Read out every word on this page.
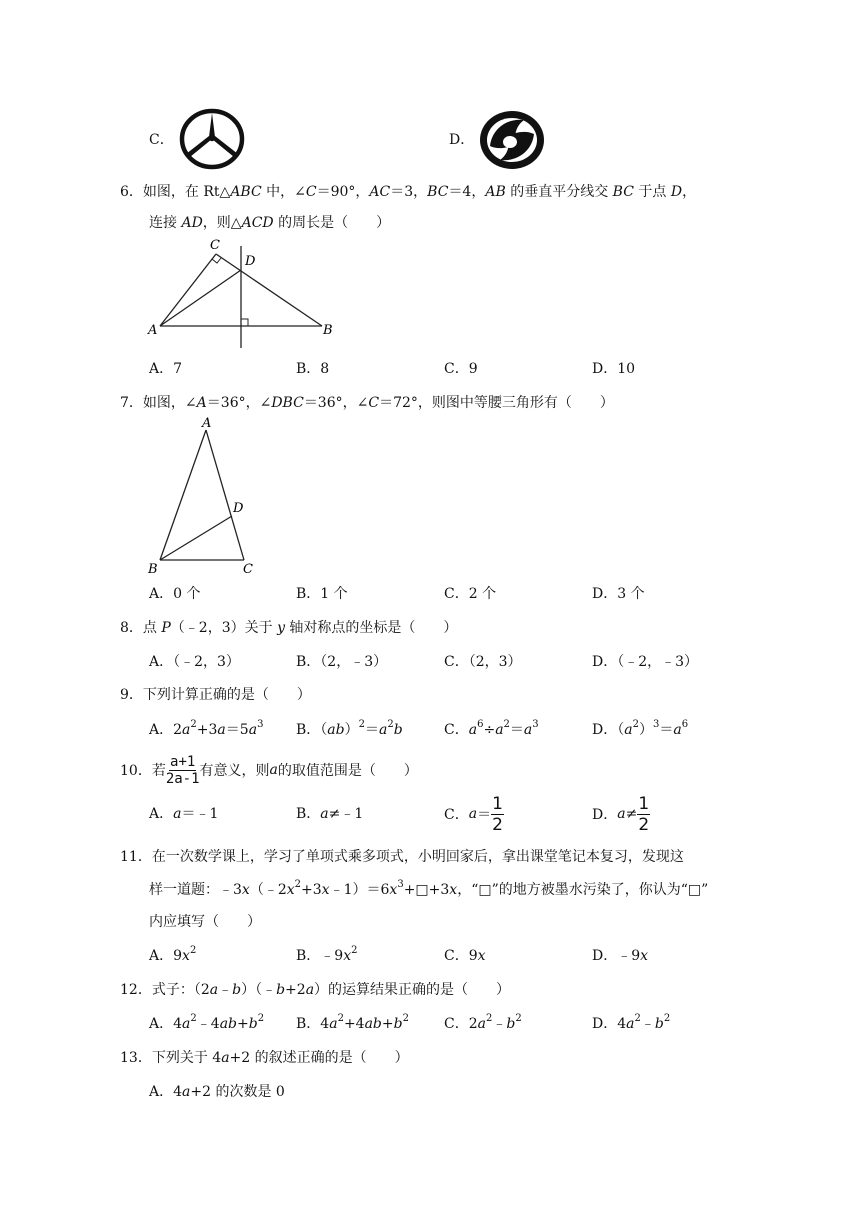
C．	D．
6．如图，在 Rt△ABC 中，∠C＝90°，AC＝3，BC＝4，AB 的垂直平分线交 BC 于点 D，
连接 AD，则△ACD 的周长是（　　）
C
D
A	B
A．7	B．8	C．9	D．10
7．如图，∠A＝36°，∠DBC＝36°，∠C＝72°，则图中等腰三角形有（　　）
A
D
B	C
A．0 个	B．1 个	C．2 个	D．3 个
8．点 P（﹣2，3）关于 y 轴对称点的坐标是（　　）
A．（﹣2，3）	B．（2，﹣3）	C．（2，3）	D．（﹣2，﹣3）
9．下列计算正确的是（　　）
A．$2a^2+3a=5a^3$ B．$(ab)^2=a^2b$	C．$a^6\div a^2=a^3$	D．$(a^2)^3=a^6$
10． 若 $\frac{a+1}{2a-1}$ 有意义，则 a 的取值范围是（　　）
A．a＝﹣1	B．a≠﹣1	C． $a = \frac{1}{2}$	D． $a \ne \frac{1}{2}$
11．在一次数学课上，学习了单项式乘多项式，小明回家后，拿出课堂笔记本复习，发现这
样一道题：$﹣3x(﹣2x^2+3x﹣1)=6x^3+□+3x$，“□”的地方被墨水污染了，你认为“□”
内应填写（　　）
A．$9x^2$	B．$﹣9x^2$	C．9x	D．﹣9x
12．式子：（2a﹣b）（﹣b+2a）的运算结果正确的是（　　）
A．$4a^2﹣4ab+b^2$ B．$4a^2+4ab+b^2$	C．$2a^2﹣b^2$	D．$4a^2﹣b^2$
13．下列关于 4a+2 的叙述正确的是（　　）
A．4a+2 的次数是 0
